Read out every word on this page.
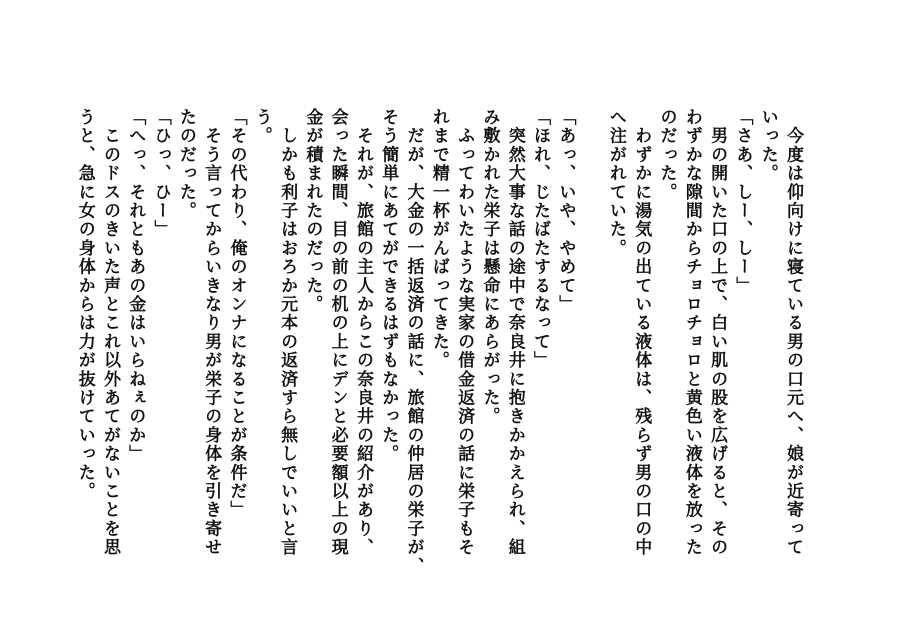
　今度は仰向けに寝ている男の口元へ、娘が近寄って
いった。
「さあ、しー、しー」
　男の開いた口の上で、白い肌の股を広げると、その
わずかな隙間からチョロチョロと黄色い液体を放った
のだった。
　わずかに湯気の出ている液体は、残らず男の口の中
へ注がれていた。

「あっ、いや、やめて」
「ほれ、じたばたするなって」
　突然大事な話の途中で奈良井に抱きかかえられ、組
み敷かれた栄子は懸命にあらがった。
　ふってわいたような実家の借金返済の話に栄子もそ
れまで精一杯がんばってきた。
　だが、大金の一括返済の話に、旅館の仲居の栄子が、
そう簡単にあてができるはずもなかった。
　それが、旅館の主人からこの奈良井の紹介があり、
会った瞬間、目の前の机の上にデンと必要額以上の現
金が積まれたのだった。
　しかも利子はおろか元本の返済すら無しでいいと言
う。
「その代わり、俺のオンナになることが条件だ」
　そう言ってからいきなり男が栄子の身体を引き寄せ
たのだった。
「ひっ、ひー」
「へっ、それともあの金はいらねぇのか」
　このドスのきいた声とこれ以外あてがないことを思
うと、急に女の身体からは力が抜けていった。
